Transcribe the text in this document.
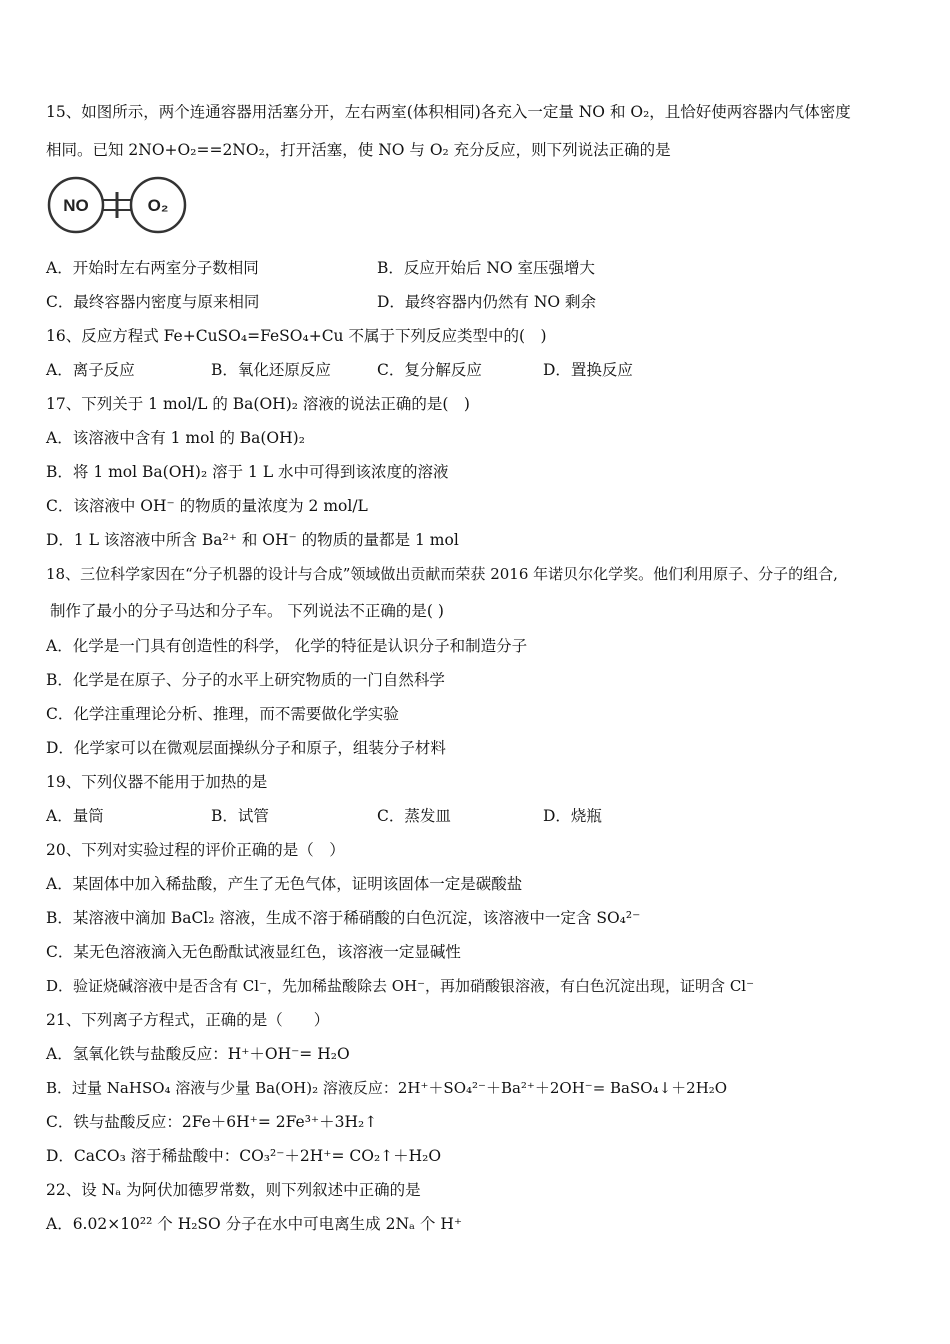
15、如图所示，两个连通容器用活塞分开，左右两室(体积相同)各充入一定量 NO 和 O₂，且恰好使两容器内气体密度
相同。已知 2NO+O₂==2NO₂，打开活塞，使 NO 与 O₂ 充分反应，则下列说法正确的是
NO	O₂
A．开始时左右两室分子数相同	B．反应开始后 NO 室压强增大
C．最终容器内密度与原来相同	D．最终容器内仍然有 NO 剩余
16、反应方程式 Fe+CuSO₄=FeSO₄+Cu 不属于下列反应类型中的(　)
A．离子反应	B．氧化还原反应	C．复分解反应	D．置换反应
17、下列关于 1 mol/L 的 Ba(OH)₂ 溶液的说法正确的是(　)
A．该溶液中含有 1 mol 的 Ba(OH)₂
B．将 1 mol Ba(OH)₂ 溶于 1 L 水中可得到该浓度的溶液
C．该溶液中 OH⁻ 的物质的量浓度为 2 mol/L
D．1 L 该溶液中所含 Ba²⁺ 和 OH⁻ 的物质的量都是 1 mol
18、三位科学家因在“分子机器的设计与合成”领域做出贡献而荣获 2016 年诺贝尔化学奖。他们利用原子、分子的组合,
制作了最小的分子马达和分子车。 下列说法不正确的是( )
A．化学是一门具有创造性的科学， 化学的特征是认识分子和制造分子
B．化学是在原子、分子的水平上研究物质的一门自然科学
C．化学注重理论分析、推理，而不需要做化学实验
D．化学家可以在微观层面操纵分子和原子，组装分子材料
19、下列仪器不能用于加热的是
A．量筒	B．试管	C．蒸发皿	D．烧瓶
20、下列对实验过程的评价正确的是（　）
A．某固体中加入稀盐酸，产生了无色气体，证明该固体一定是碳酸盐
B．某溶液中滴加 BaCl₂ 溶液，生成不溶于稀硝酸的白色沉淀，该溶液中一定含 SO₄²⁻
C．某无色溶液滴入无色酚酞试液显红色，该溶液一定显碱性
D．验证烧碱溶液中是否含有 Cl⁻，先加稀盐酸除去 OH⁻，再加硝酸银溶液，有白色沉淀出现，证明含 Cl⁻
21、下列离子方程式，正确的是（　　）
A．氢氧化铁与盐酸反应：H⁺＋OH⁻= H₂O
B．过量 NaHSO₄ 溶液与少量 Ba(OH)₂ 溶液反应：2H⁺＋SO₄²⁻＋Ba²⁺＋2OH⁻= BaSO₄↓＋2H₂O
C．铁与盐酸反应：2Fe＋6H⁺= 2Fe³⁺＋3H₂↑
D．CaCO₃ 溶于稀盐酸中：CO₃²⁻＋2H⁺= CO₂↑＋H₂O
22、设 Nₐ 为阿伏加德罗常数，则下列叙述中正确的是
A．6.02×10²² 个 H₂SO 分子在水中可电离生成 2Nₐ 个 H⁺
